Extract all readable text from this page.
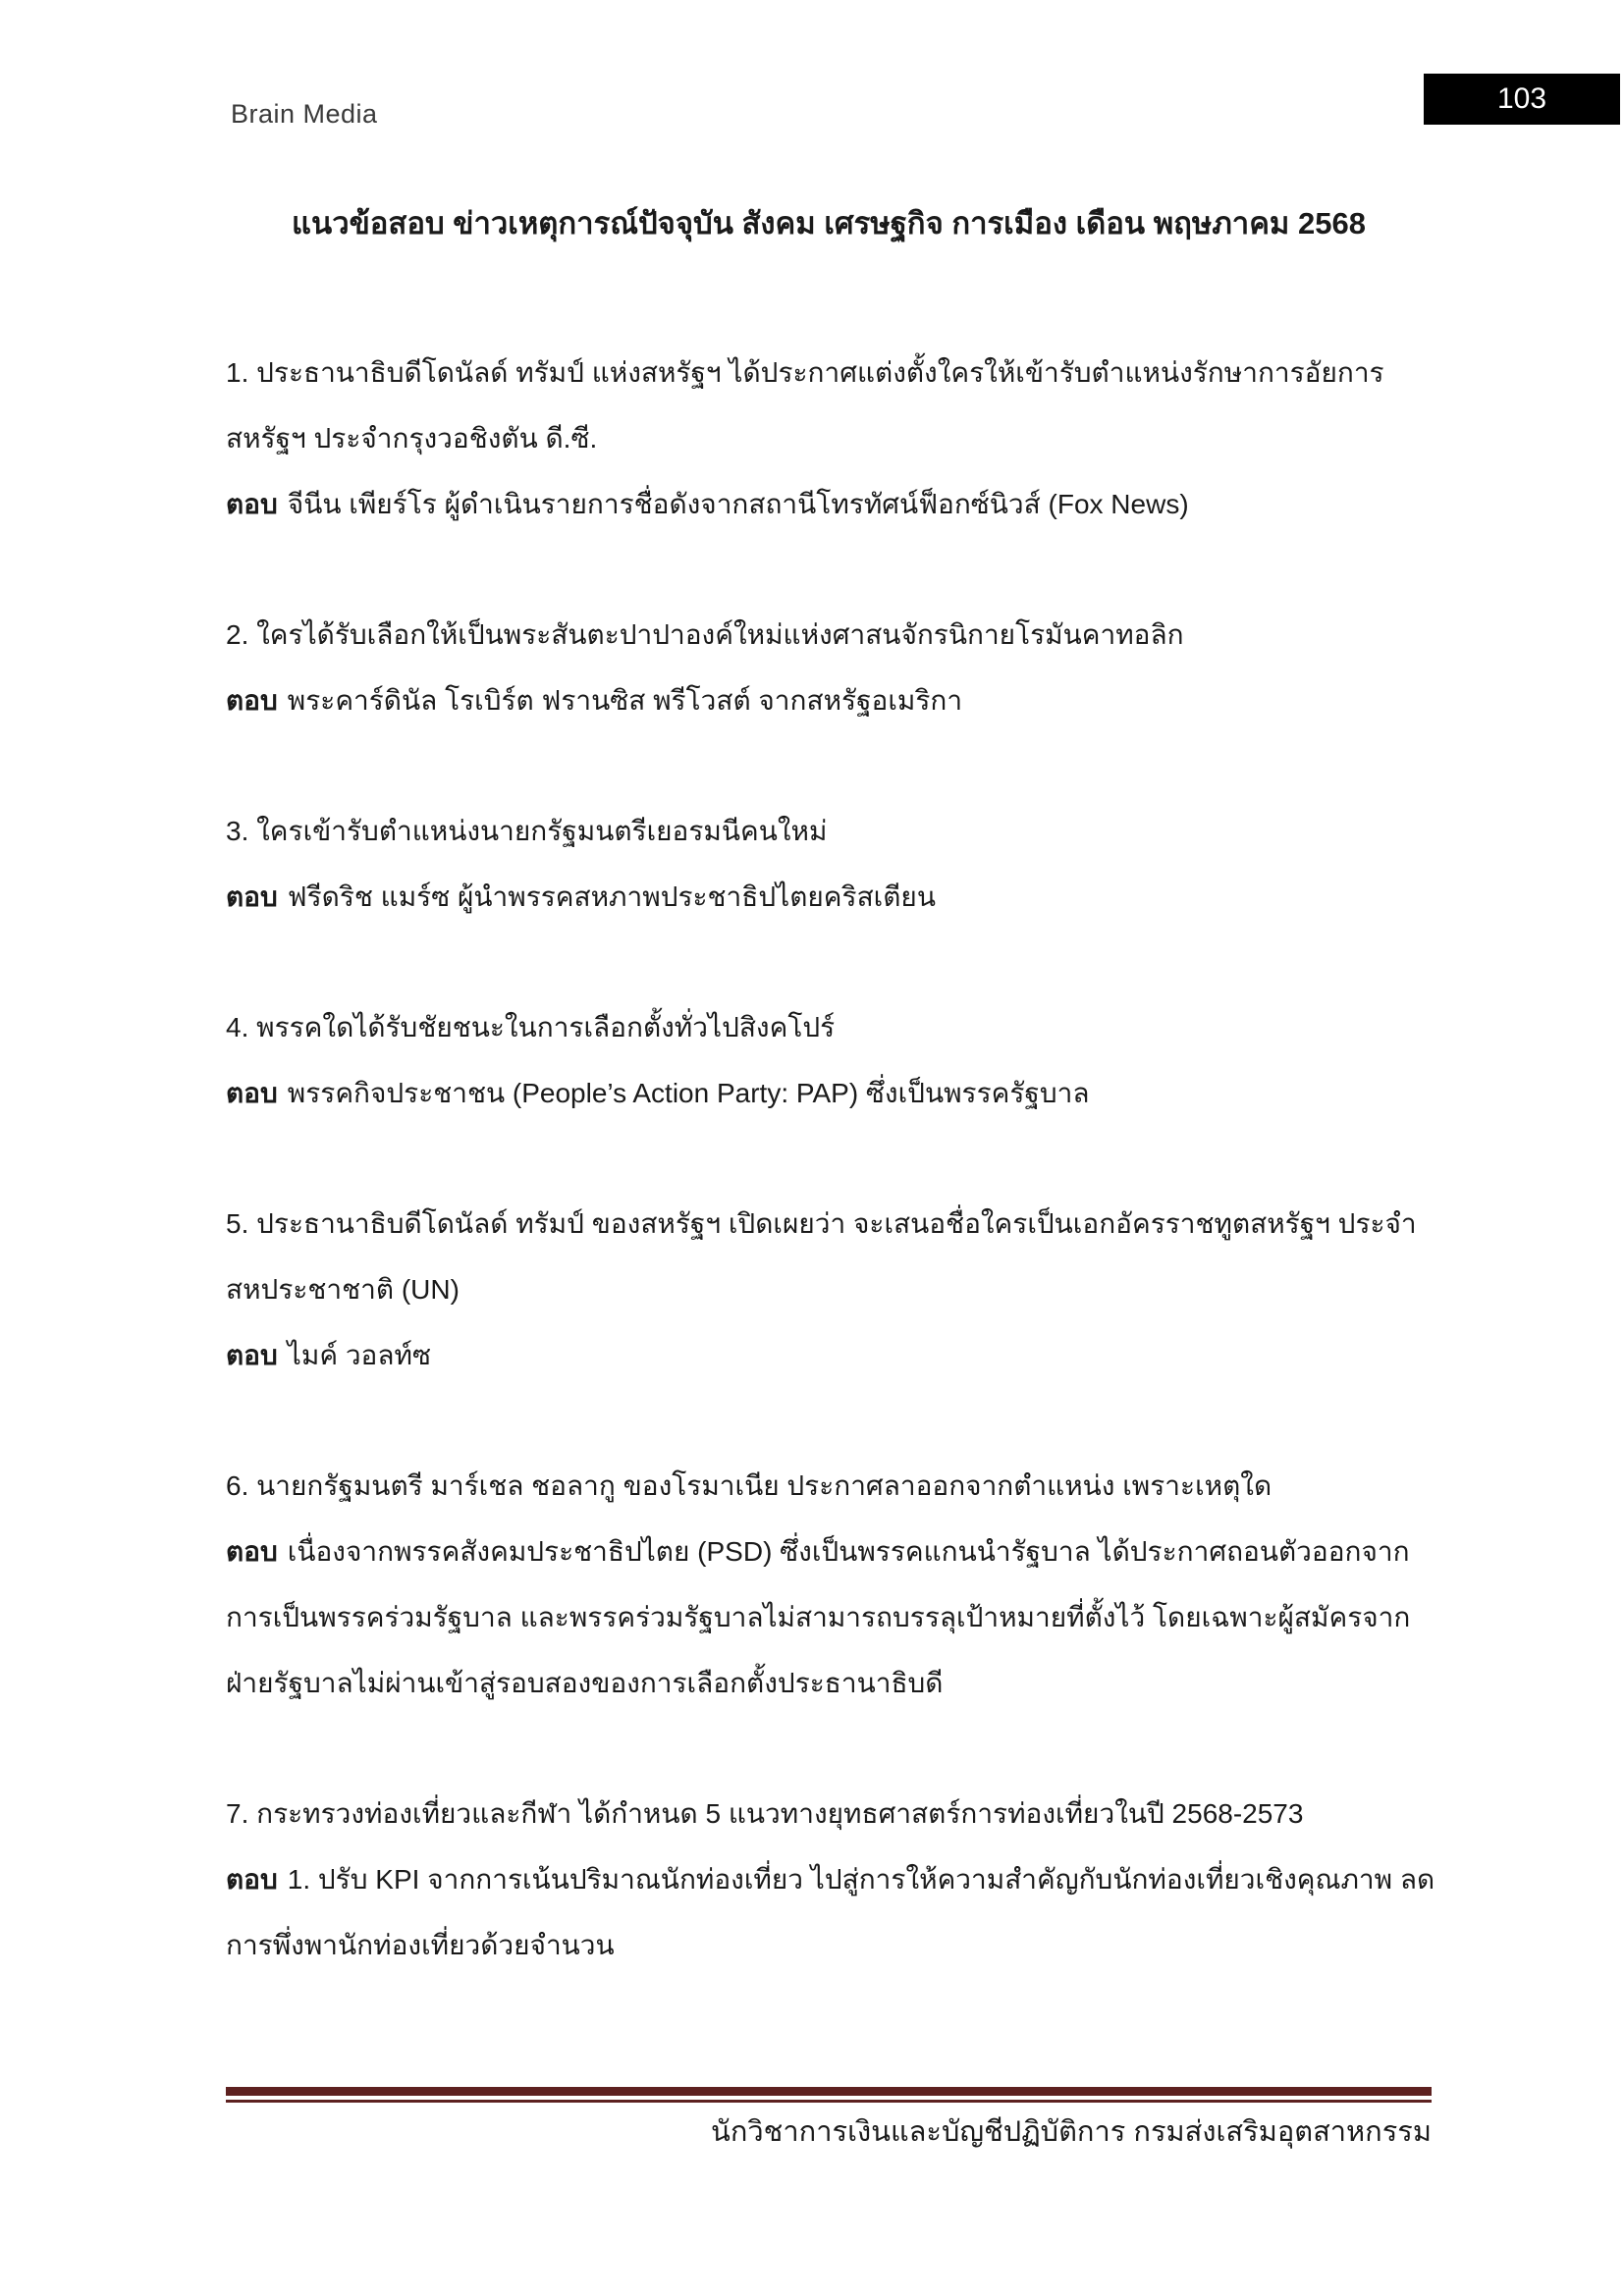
Brain Media	103
แนวข้อสอบ ข่าวเหตุการณ์ปัจจุบัน สังคม เศรษฐกิจ การเมือง เดือน พฤษภาคม 2568
1. ประธานาธิบดีโดนัลด์ ทรัมป์ แห่งสหรัฐฯ ได้ประกาศแต่งตั้งใครให้เข้ารับตำแหน่งรักษาการอัยการ
สหรัฐฯ ประจำกรุงวอชิงตัน ดี.ซี.
ตอบ จีนีน เพียร์โร ผู้ดำเนินรายการชื่อดังจากสถานีโทรทัศน์ฟ็อกซ์นิวส์ (Fox News)
2. ใครได้รับเลือกให้เป็นพระสันตะปาปาองค์ใหม่แห่งศาสนจักรนิกายโรมันคาทอลิก
ตอบ พระคาร์ดินัล โรเบิร์ต ฟรานซิส พรีโวสต์ จากสหรัฐอเมริกา
3. ใครเข้ารับตำแหน่งนายกรัฐมนตรีเยอรมนีคนใหม่
ตอบ ฟรีดริช แมร์ซ ผู้นำพรรคสหภาพประชาธิปไตยคริสเตียน
4. พรรคใดได้รับชัยชนะในการเลือกตั้งทั่วไปสิงคโปร์
ตอบ พรรคกิจประชาชน (People’s Action Party: PAP) ซึ่งเป็นพรรครัฐบาล
5. ประธานาธิบดีโดนัลด์ ทรัมป์ ของสหรัฐฯ เปิดเผยว่า จะเสนอชื่อใครเป็นเอกอัครราชทูตสหรัฐฯ ประจำ
สหประชาชาติ (UN)
ตอบ ไมค์ วอลท์ซ
6. นายกรัฐมนตรี มาร์เชล ชอลากู ของโรมาเนีย ประกาศลาออกจากตำแหน่ง เพราะเหตุใด
ตอบ เนื่องจากพรรคสังคมประชาธิปไตย (PSD) ซึ่งเป็นพรรคแกนนำรัฐบาล ได้ประกาศถอนตัวออกจาก
การเป็นพรรคร่วมรัฐบาล และพรรคร่วมรัฐบาลไม่สามารถบรรลุเป้าหมายที่ตั้งไว้ โดยเฉพาะผู้สมัครจาก
ฝ่ายรัฐบาลไม่ผ่านเข้าสู่รอบสองของการเลือกตั้งประธานาธิบดี
7. กระทรวงท่องเที่ยวและกีฬา ได้กำหนด 5 แนวทางยุทธศาสตร์การท่องเที่ยวในปี 2568-2573
ตอบ 1. ปรับ KPI จากการเน้นปริมาณนักท่องเที่ยว ไปสู่การให้ความสำคัญกับนักท่องเที่ยวเชิงคุณภาพ ลด
การพึ่งพานักท่องเที่ยวด้วยจำนวน
นักวิชาการเงินและบัญชีปฏิบัติการ กรมส่งเสริมอุตสาหกรรม
